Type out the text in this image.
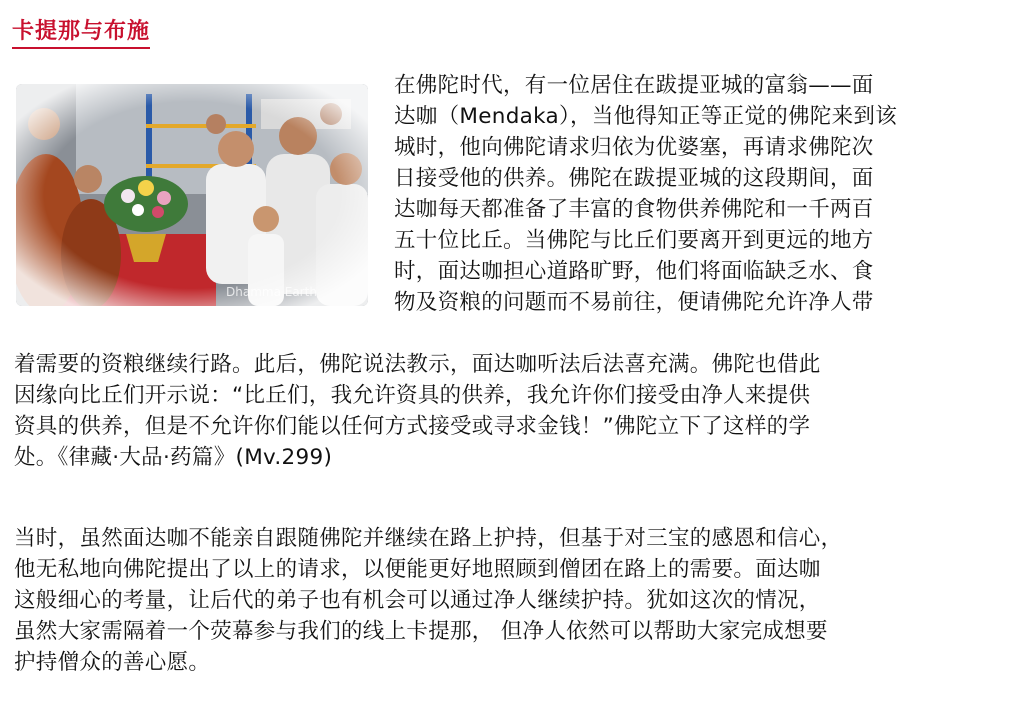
卡提那与布施
在佛陀时代，有一位居住在跋提亚城的富翁——面
达咖（Mendaka），当他得知正等正觉的佛陀来到该
城时，他向佛陀请求归依为优婆塞，再请求佛陀次
日接受他的供养。佛陀在跋提亚城的这段期间，面
达咖每天都准备了丰富的食物供养佛陀和一千两百
五十位比丘。当佛陀与比丘们要离开到更远的地方
时，面达咖担心道路旷野，他们将面临缺乏水、食
物及资粮的问题而不易前往，便请佛陀允许净人带
着需要的资粮继续行路。此后，佛陀说法教示，面达咖听法后法喜充满。佛陀也借此
因缘向比丘们开示说：“比丘们，我允许资具的供养，我允许你们接受由净人来提供
资具的供养，但是不允许你们能以任何方式接受或寻求金钱！”佛陀立下了这样的学
处。《律藏·大品·药篇》(Mv.299)
当时，虽然面达咖不能亲自跟随佛陀并继续在路上护持，但基于对三宝的感恩和信心，
他无私地向佛陀提出了以上的请求，以便能更好地照顾到僧团在路上的需要。面达咖
这般细心的考量，让后代的弟子也有机会可以通过净人继续护持。犹如这次的情况，
虽然大家需隔着一个荧幕参与我们的线上卡提那， 但净人依然可以帮助大家完成想要
护持僧众的善心愿。
